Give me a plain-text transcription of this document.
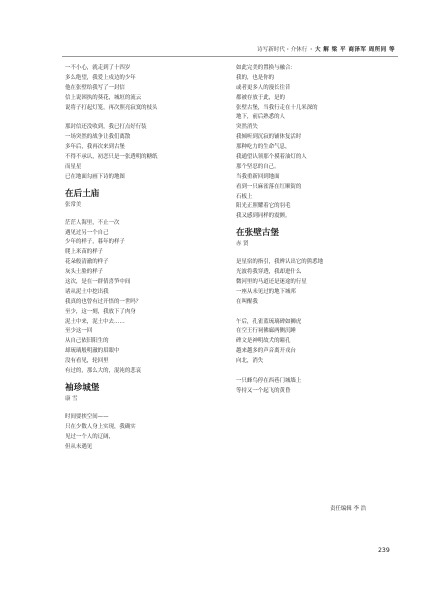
诗写新时代・介休行 ・ 大 解 梁 平 商泽军 周所同 等
一不小心，就走到了十四岁
多么绝望，我爱上戍边的少年
他在张壁给我写了一封信
信上说困执的葵花，城垣的流云
说将子打起灯笼，再次照亮寂寞的枝头
那封信还没收到，我已打点好行装
一场突然的战争让我们离散
多年后，我再次来到古堡
不得不承认，初恋只是一张透明的糖纸
而星星
已在地面勾画下诗的地图
在后土庙
张常美
茫茫人海里，不止一次
遇见过另一个自己
少年的样子，暮年的样子
爬上米苗的样子
花朵般清澈的样子
灰头土脸的样子
这次，是在一群倩喜笋中间
诸从泥土中挖出我
我真的也曾有过开悟的一世吗？
至少，这一刻，我放下了肉身
泥土中来，泥土中去……
至少这一回
从自己依旧阳生的
却琉璃般明澈的眉眼中
没有看见，轮回里
有过的，那么大的，混沌的悲哀
袖珍城堡
康 雪
时间要挟空间——
只在少数人身上实现，我确实
见过一个人的辽阔，
但从未遇见
如此完美的置换与融合：
我的，也是你的
或者更多人的漫长往昔
都被存放于此，是的
张壁古堡，当我行走在十几米深的
地下，前后熟悉的人
突然消失
我倾听到沉寂的铺体复活时
那种吃力的生命气息，
我通望认领那个摸着油灯的人
那个坚忍的自己。
当我重新回到地面
看到一只麻雀落在红顺街的
石板上
阳光正照耀着它的羽毛
我又感到同样的震颤。
在张壁古堡
赤 贤
是星宿的指引，我辨认出它的熊悉地
光波将我穿透，我却进什么
微河里的马道还是迷途的行星
一座从未见过的地下城邦
在叫醒我
午后，孔雀蓝琉璃碑如狮虎
在空王行祠佛廊两侧沉睡
碑文是神明故犬的瞳孔
越来越多的声音离开戎台
向北，消失
一只蜂鸟停在西巷门城墙上
等持又一个起飞的黄昏
责任编辑 李 浩
239
